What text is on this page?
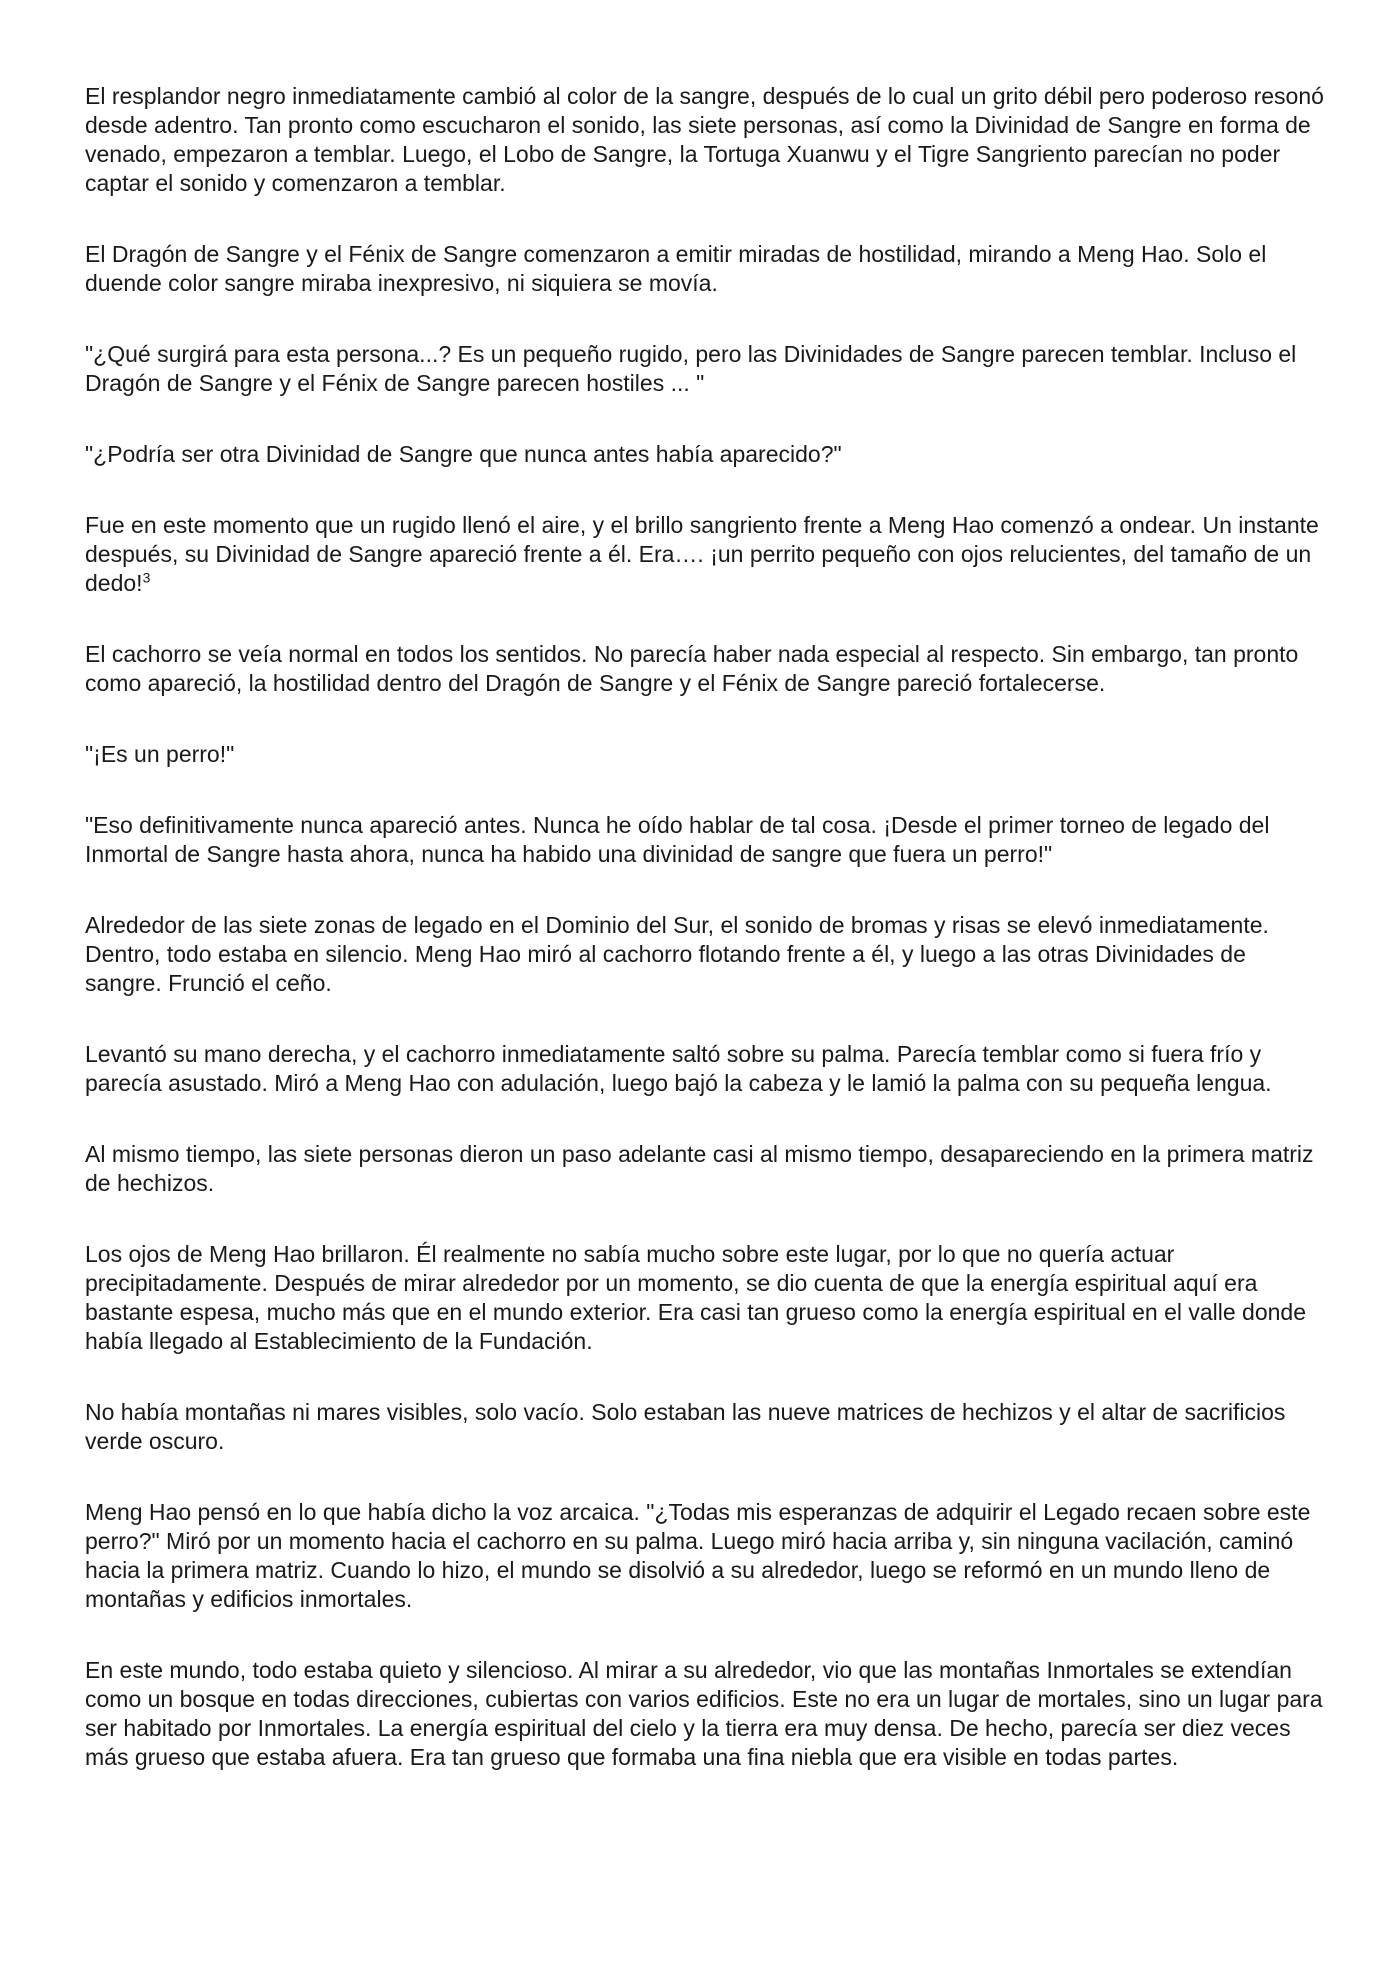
El resplandor negro inmediatamente cambió al color de la sangre, después de lo cual un grito débil pero poderoso resonó desde adentro. Tan pronto como escucharon el sonido, las siete personas, así como la Divinidad de Sangre en forma de venado, empezaron a temblar. Luego, el Lobo de Sangre, la Tortuga Xuanwu y el Tigre Sangriento parecían no poder captar el sonido y comenzaron a temblar.

El Dragón de Sangre y el Fénix de Sangre comenzaron a emitir miradas de hostilidad, mirando a Meng Hao. Solo el duende color sangre miraba inexpresivo, ni siquiera se movía.

"¿Qué surgirá para esta persona...? Es un pequeño rugido, pero las Divinidades de Sangre parecen temblar. Incluso el Dragón de Sangre y el Fénix de Sangre parecen hostiles ... "

"¿Podría ser otra Divinidad de Sangre que nunca antes había aparecido?"

Fue en este momento que un rugido llenó el aire, y el brillo sangriento frente a Meng Hao comenzó a ondear. Un instante después, su Divinidad de Sangre apareció frente a él. Era…. ¡un perrito pequeño con ojos relucientes, del tamaño de un dedo!$^3$

El cachorro se veía normal en todos los sentidos. No parecía haber nada especial al respecto. Sin embargo, tan pronto como apareció, la hostilidad dentro del Dragón de Sangre y el Fénix de Sangre pareció fortalecerse.

"¡Es un perro!"

"Eso definitivamente nunca apareció antes. Nunca he oído hablar de tal cosa. ¡Desde el primer torneo de legado del Inmortal de Sangre hasta ahora, nunca ha habido una divinidad de sangre que fuera un perro!"

Alrededor de las siete zonas de legado en el Dominio del Sur, el sonido de bromas y risas se elevó inmediatamente. Dentro, todo estaba en silencio. Meng Hao miró al cachorro flotando frente a él, y luego a las otras Divinidades de sangre. Frunció el ceño.

Levantó su mano derecha, y el cachorro inmediatamente saltó sobre su palma. Parecía temblar como si fuera frío y parecía asustado. Miró a Meng Hao con adulación, luego bajó la cabeza y le lamió la palma con su pequeña lengua.

Al mismo tiempo, las siete personas dieron un paso adelante casi al mismo tiempo, desapareciendo en la primera matriz de hechizos.

Los ojos de Meng Hao brillaron. Él realmente no sabía mucho sobre este lugar, por lo que no quería actuar precipitadamente. Después de mirar alrededor por un momento, se dio cuenta de que la energía espiritual aquí era bastante espesa, mucho más que en el mundo exterior. Era casi tan grueso como la energía espiritual en el valle donde había llegado al Establecimiento de la Fundación.

No había montañas ni mares visibles, solo vacío. Solo estaban las nueve matrices de hechizos y el altar de sacrificios verde oscuro.

Meng Hao pensó en lo que había dicho la voz arcaica. "¿Todas mis esperanzas de adquirir el Legado recaen sobre este perro?" Miró por un momento hacia el cachorro en su palma. Luego miró hacia arriba y, sin ninguna vacilación, caminó hacia la primera matriz. Cuando lo hizo, el mundo se disolvió a su alrededor, luego se reformó en un mundo lleno de montañas y edificios inmortales.

En este mundo, todo estaba quieto y silencioso. Al mirar a su alrededor, vio que las montañas Inmortales se extendían como un bosque en todas direcciones, cubiertas con varios edificios. Este no era un lugar de mortales, sino un lugar para ser habitado por Inmortales. La energía espiritual del cielo y la tierra era muy densa. De hecho, parecía ser diez veces más grueso que estaba afuera. Era tan grueso que formaba una fina niebla que era visible en todas partes.
